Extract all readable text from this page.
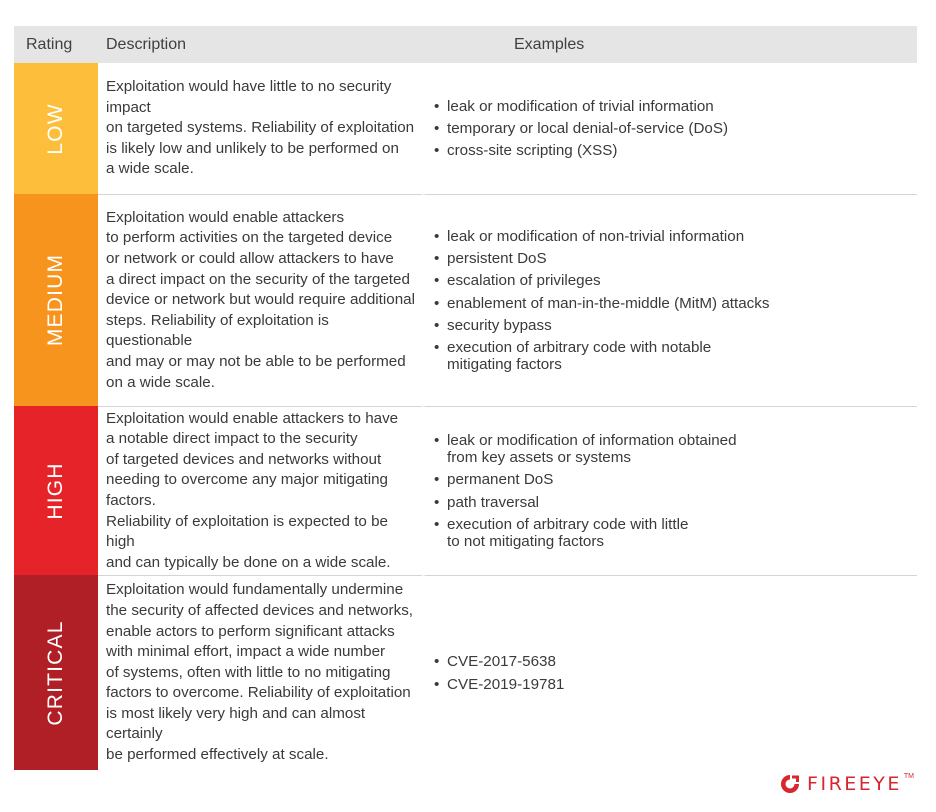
Rating	Description	Examples
LOW

Exploitation would have little to no security impact
on targeted systems. Reliability of exploitation
is likely low and unlikely to be performed on
a wide scale.

• leak or modification of trivial information
• temporary or local denial-of-service (DoS)
• cross-site scripting (XSS)
MEDIUM

Exploitation would enable attackers
to perform activities on the targeted device
or network or could allow attackers to have
a direct impact on the security of the targeted
device or network but would require additional
steps. Reliability of exploitation is questionable
and may or may not be able to be performed
on a wide scale.

• leak or modification of non-trivial information
• persistent DoS
• escalation of privileges
• enablement of man-in-the-middle (MitM) attacks
• security bypass
• execution of arbitrary code with notable
mitigating factors
HIGH

Exploitation would enable attackers to have
a notable direct impact to the security
of targeted devices and networks without
needing to overcome any major mitigating factors.
Reliability of exploitation is expected to be high
and can typically be done on a wide scale.

• leak or modification of information obtained
from key assets or systems
• permanent DoS
• path traversal
• execution of arbitrary code with little
to not mitigating factors
CRITICAL

Exploitation would fundamentally undermine
the security of affected devices and networks,
enable actors to perform significant attacks
with minimal effort, impact a wide number
of systems, often with little to no mitigating
factors to overcome. Reliability of exploitation
is most likely very high and can almost certainly
be performed effectively at scale.

• CVE-2017-5638
• CVE-2019-19781
FIREEYE TM
